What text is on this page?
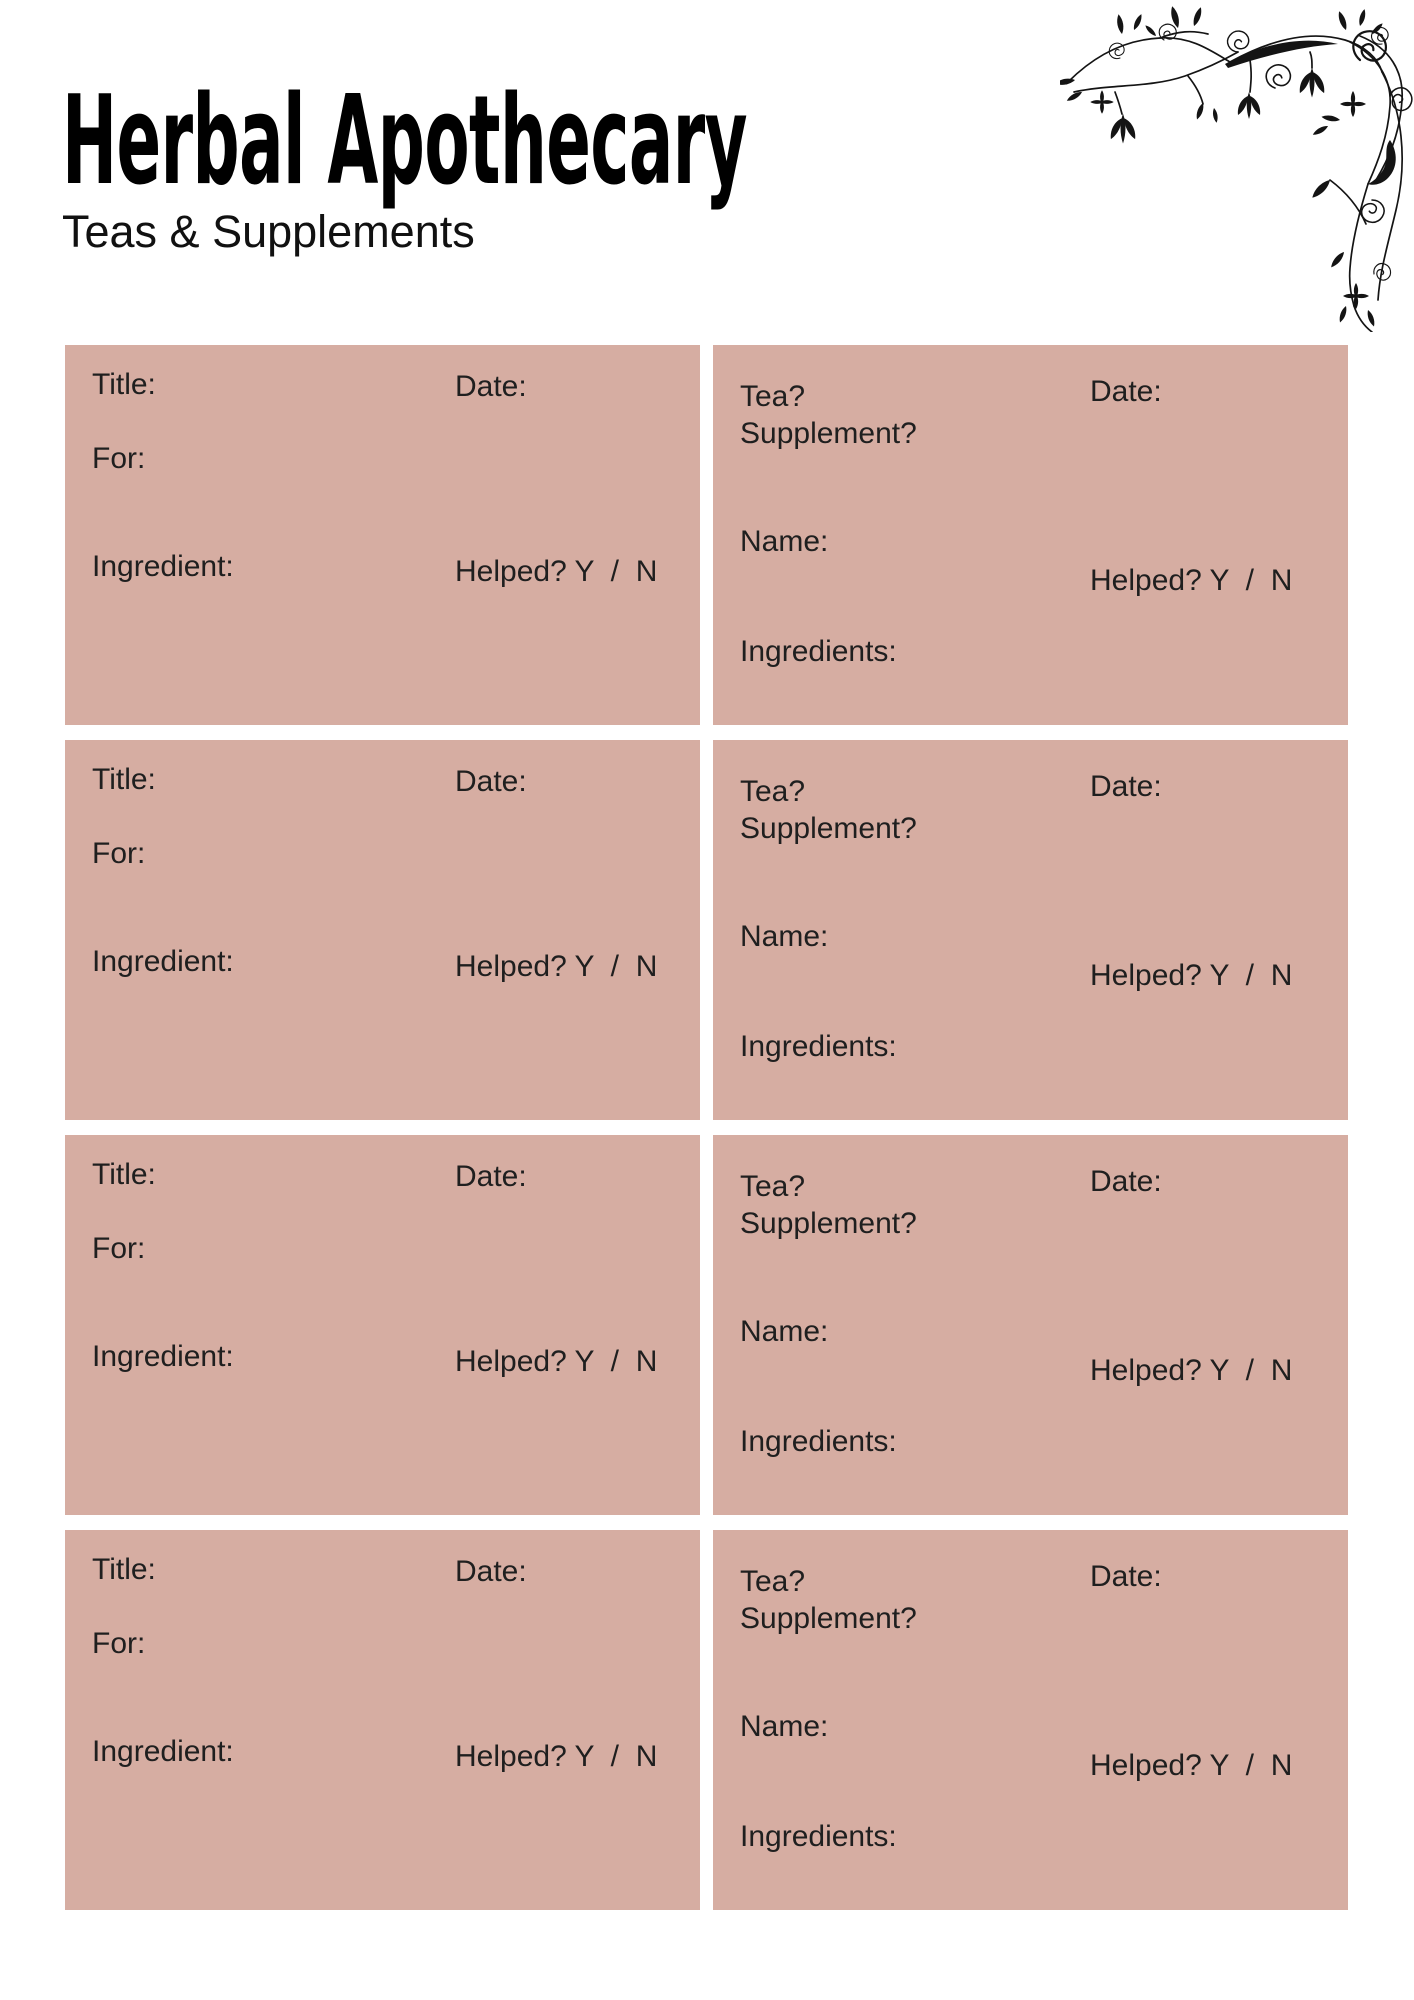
Herbal Apothecary

Teas & Supplements

Title:	Date:
For:
Ingredient:	Helped? Y  /  N
Tea?
Supplement?
Date:
Name:
Helped? Y  /  N
Ingredients:
Title:	Date:
For:
Ingredient:	Helped? Y  /  N
Tea?
Supplement?
Date:
Name:
Helped? Y  /  N
Ingredients:
Title:	Date:
For:
Ingredient:	Helped? Y  /  N
Tea?
Supplement?
Date:
Name:
Helped? Y  /  N
Ingredients:
Title:	Date:
For:
Ingredient:	Helped? Y  /  N
Tea?
Supplement?
Date:
Name:
Helped? Y  /  N
Ingredients:
